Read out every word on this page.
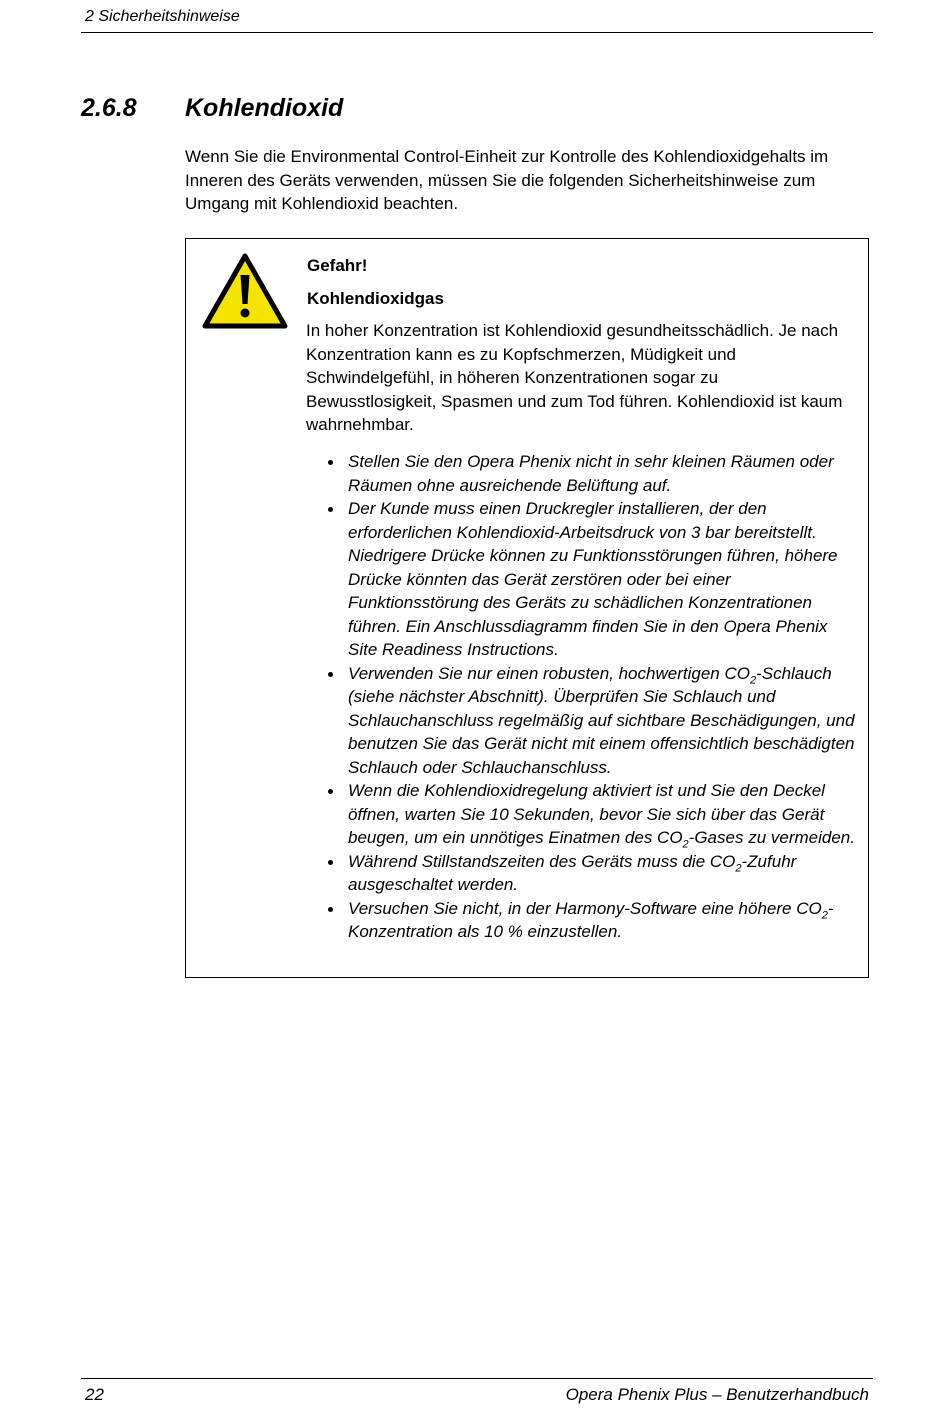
2 Sicherheitshinweise
2.6.8 Kohlendioxid

Wenn Sie die Environmental Control-Einheit zur Kontrolle des Kohlendioxidgehalts im Inneren des Geräts verwenden, müssen Sie die folgenden Sicherheitshinweise zum Umgang mit Kohlendioxid beachten.

Gefahr!
Kohlendioxidgas

In hoher Konzentration ist Kohlendioxid gesundheitsschädlich. Je nach Konzentration kann es zu Kopfschmerzen, Müdigkeit und Schwindelgefühl, in höheren Konzentrationen sogar zu Bewusstlosigkeit, Spasmen und zum Tod führen. Kohlendioxid ist kaum wahrnehmbar.

Stellen Sie den Opera Phenix nicht in sehr kleinen Räumen oder Räumen ohne ausreichende Belüftung auf.
Der Kunde muss einen Druckregler installieren, der den erforderlichen Kohlendioxid-Arbeitsdruck von 3 bar bereitstellt. Niedrigere Drücke können zu Funktionsstörungen führen, höhere Drücke könnten das Gerät zerstören oder bei einer Funktionsstörung des Geräts zu schädlichen Konzentrationen führen. Ein Anschlussdiagramm finden Sie in den Opera Phenix Site Readiness Instructions.
Verwenden Sie nur einen robusten, hochwertigen $CO_2$-Schlauch (siehe nächster Abschnitt). Überprüfen Sie Schlauch und Schlauchanschluss regelmäßig auf sichtbare Beschädigungen, und benutzen Sie das Gerät nicht mit einem offensichtlich beschädigten Schlauch oder Schlauchanschluss.
Wenn die Kohlendioxidregelung aktiviert ist und Sie den Deckel öffnen, warten Sie 10 Sekunden, bevor Sie sich über das Gerät beugen, um ein unnötiges Einatmen des $CO_2$-Gases zu vermeiden.
Während Stillstandszeiten des Geräts muss die $CO_2$-Zufuhr ausgeschaltet werden.
Versuchen Sie nicht, in der Harmony-Software eine höhere $CO_2$-Konzentration als 10 % einzustellen.
22	Opera Phenix Plus – Benutzerhandbuch
